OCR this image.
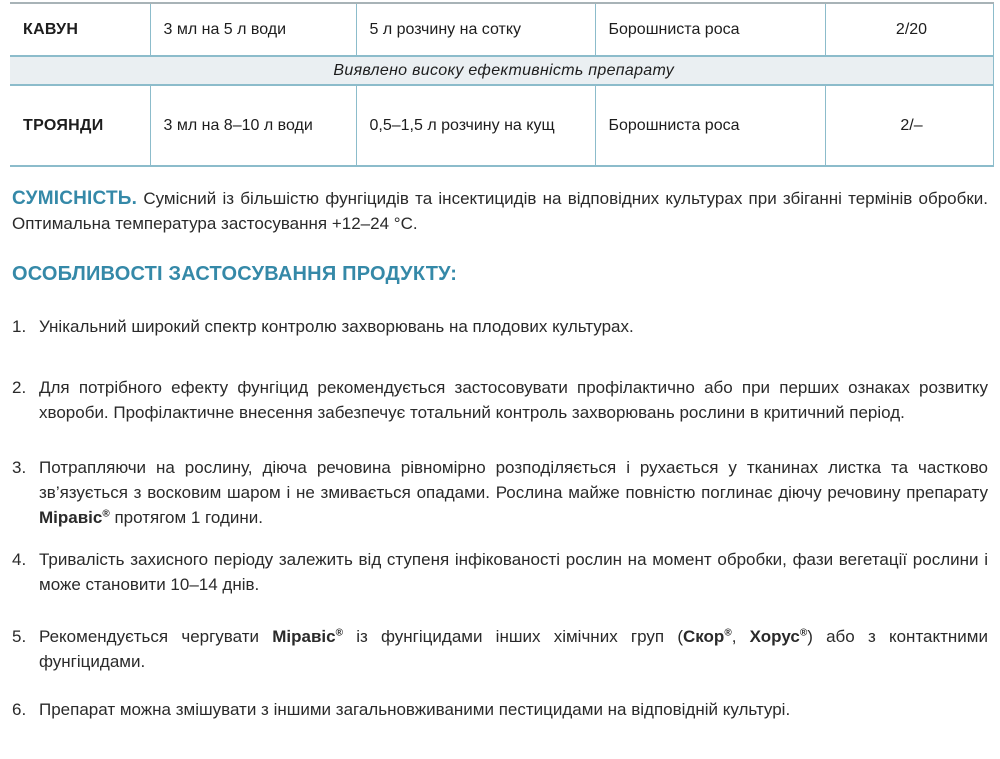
КАВУН	3 мл на 5 л води	5 л розчину на сотку	Борошниста роса	2/20
Виявлено високу ефективність препарату				
ТРОЯНДИ	3 мл на 8–10 л води	0,5–1,5 л розчину на кущ	Борошниста роса	2/–

СУМІСНІСТЬ. Сумісний із більшістю фунгіцидів та інсектицидів на відповідних культурах при збіганні термінів обробки. Оптимальна температура застосування +12–24 °С.

ОСОБЛИВОСТІ ЗАСТОСУВАННЯ ПРОДУКТУ:
1. Унікальний широкий спектр контролю захворювань на плодових культурах.
2. Для потрібного ефекту фунгіцид рекомендується застосовувати профілактично або при перших ознаках розвитку хвороби. Профілактичне внесення забезпечує тотальний контроль захворювань рослини в критичний період.
3. Потрапляючи на рослину, діюча речовина рівномірно розподіляється і рухається у тканинах листка та частково зв’язується з восковим шаром і не змивається опадами. Рослина майже повністю поглинає діючу речовину препарату Міравіс® протягом 1 години.
4. Тривалість захисного періоду залежить від ступеня інфікованості рослин на момент обробки, фази вегетації рослини і може становити 10–14 днів.
5. Рекомендується чергувати Міравіс® із фунгіцидами інших хімічних груп (Скор®, Хорус®) або з контактними фунгіцидами.
6. Препарат можна змішувати з іншими загальновживаними пестицидами на відповідній культурі.
